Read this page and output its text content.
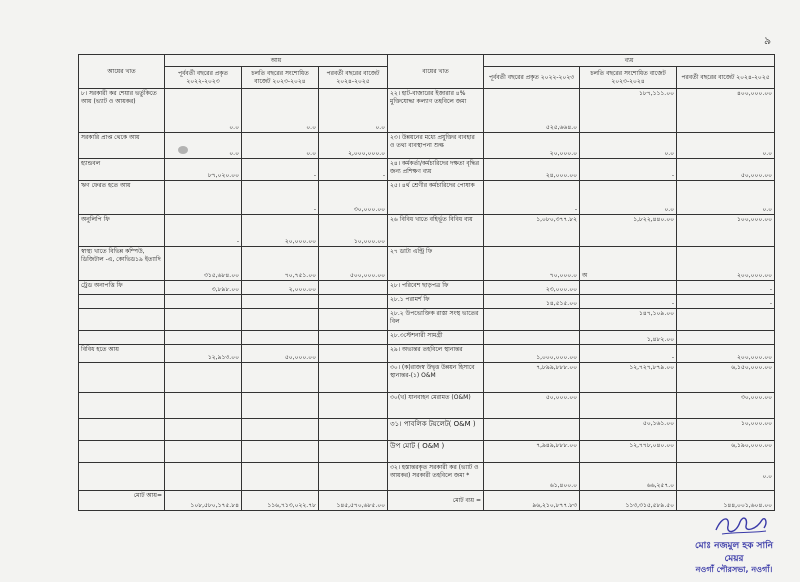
৯
আয়ের খাত	আয়			ব্যয়ের খাত	ব্যয়		
	পূর্ববর্তী বছরের প্রকৃত ২০২২-২০২৩	চলতি বছরের সংশোধিত বাজেট ২০২৩-২০২৪	পরবর্তী বছরের বাজেট ২০২৪-২০২৫		পূর্ববর্তী বছরের প্রকৃত ২০২২-২০২৩	চলতি বছরের সংশোধিত বাজেট ২০২৩-২০২৪	পরবর্তী বছরের বাজেট ২০২৪-২০২৫
৮। সরকারী কর শেয়ার ভর্তুকিতে আয় (ভ্যাট ও আয়কর)	০.০	০.০	০.০	২২। হাট-বাজারের ইজারার ৪% মুক্তিযোদ্ধা কল্যাণ তহবিলে জমা	৫২৫,৬৬৪.০	১৮৭,১১১.০০	৪০০,০০০.০০
সরকারি প্রাপ্ত থেকে আয়	০.০	০.০	২,০০০,০০০.০	২৩। উন্নয়নের মধ্যে প্রযুক্তির ব্যবহার ও তথ্য ব্যবস্থাপনা শুল্ক	২০,০০০.০	০.০	০.০
হ্যান্ডবল	৮৭,০২০.০০	-	-	২৪। কর্মকর্তা/কর্মচারিদের দক্ষতা বৃদ্ধির জন্য প্রশিক্ষণ ব্যয়	২৪,০০০.০০	-	৫০,০০০.০০
ঋণ ফেরত হতে আয়		-	৩০,০০০.০০	২৫। ৪র্থ শ্রেণীর কর্মচারিদের পোষাক	-	০.০	০.০
অনুলিপি ফি	-	২০,০০০.০০	১০,০০০.০০	২৬ বিবিধ খাতে বহির্ভূত বিবিধ ব্যয়	১,০৮০,৩৭৭.৮২	১,৮২২,৪৪০.০০	১০০,০০০.০০
স্বাস্থ্য খাতে বিভিন্ন কম্পিউ, ডিজিটাল -এ, কোভিড১৯ ইত্যাদি	৩১৫,৬৮৪.০০	৭০,৭৫১.০০	৫০০,০০০.০০	২৭ ডাটা এন্ট্রি ফি	৭০,০০০.০	অ	২০০,০০০.০০
ট্রেড অনাপত্তি ফি	৩,৮৯৮.০০	২,০০০.০০		২৮। পরিবেশ ছাড়পত্র ফি	২৩,০০০.০০		-
				২৮.১ পরামর্শ ফি	১৪,৫১৫.০০	-	-
				২৮.২ উপভোক্তিক রাস্তা সংস্থ ভাতের বিল		১৪৭,১০৯.০০	
				২৮.৩স্টেশনারী সামগ্রী		১,৪৮২.০০	
বিবিধ হতে আয়	১২,৯১৩.০০	৫০,০০০.০০		২৯। অভ্যন্তর তহবিলে স্থানান্তর	১,০০০,০০০.০০	-	২০০,০০০.০০
				৩০। (ক)রাজস্ব উদ্বৃত্ত উন্নয়ন হিসাবে স্থানান্তর-(১) O&M	৭,৮৯৯,৮৮৮.০০	১২,৭২৭,৮৭৯.০০	৬,১৫০,০০০.০০
				৩০(খ) যানবাহন মেরামত (O&M)	৫০,০০০.০০		৩০,০০০.০০
				৩১। পাবলিক টয়লেট( O&M )		৫০,১৬১.০০	১০,০০০.০০
				উপ মোট ( O&M )	৭,৯৪৯,৮৮৮.০০	১২,৭৭৮,০৪০.০০	৬,১৯০,০০০.০০
				৩২। হস্তান্তরকৃত সরকারী কর (ভ্যাট ও আয়কর) সরকারী তহবিলে জমা *	৬১,৪০০.০	৬৬,২৫৭.০	০.০
মোট আয়=	১০৮,৫৮০,১৭৫.৮৪	১১৬,৭১৩,০২২.৭৮	১৪৫,৫৭০,৬৮৫.০০	মোট ব্যয় =	৯৬,২১০,৮৭৭.৮৩	১১৩,৩১৫,৫৮৯.৫০	১৪৪,০০১,৬০৪.০০
মোঃ নজমুল হক সানি
মেয়র
নওগাঁ পৌরসভা, নওগাঁ।
